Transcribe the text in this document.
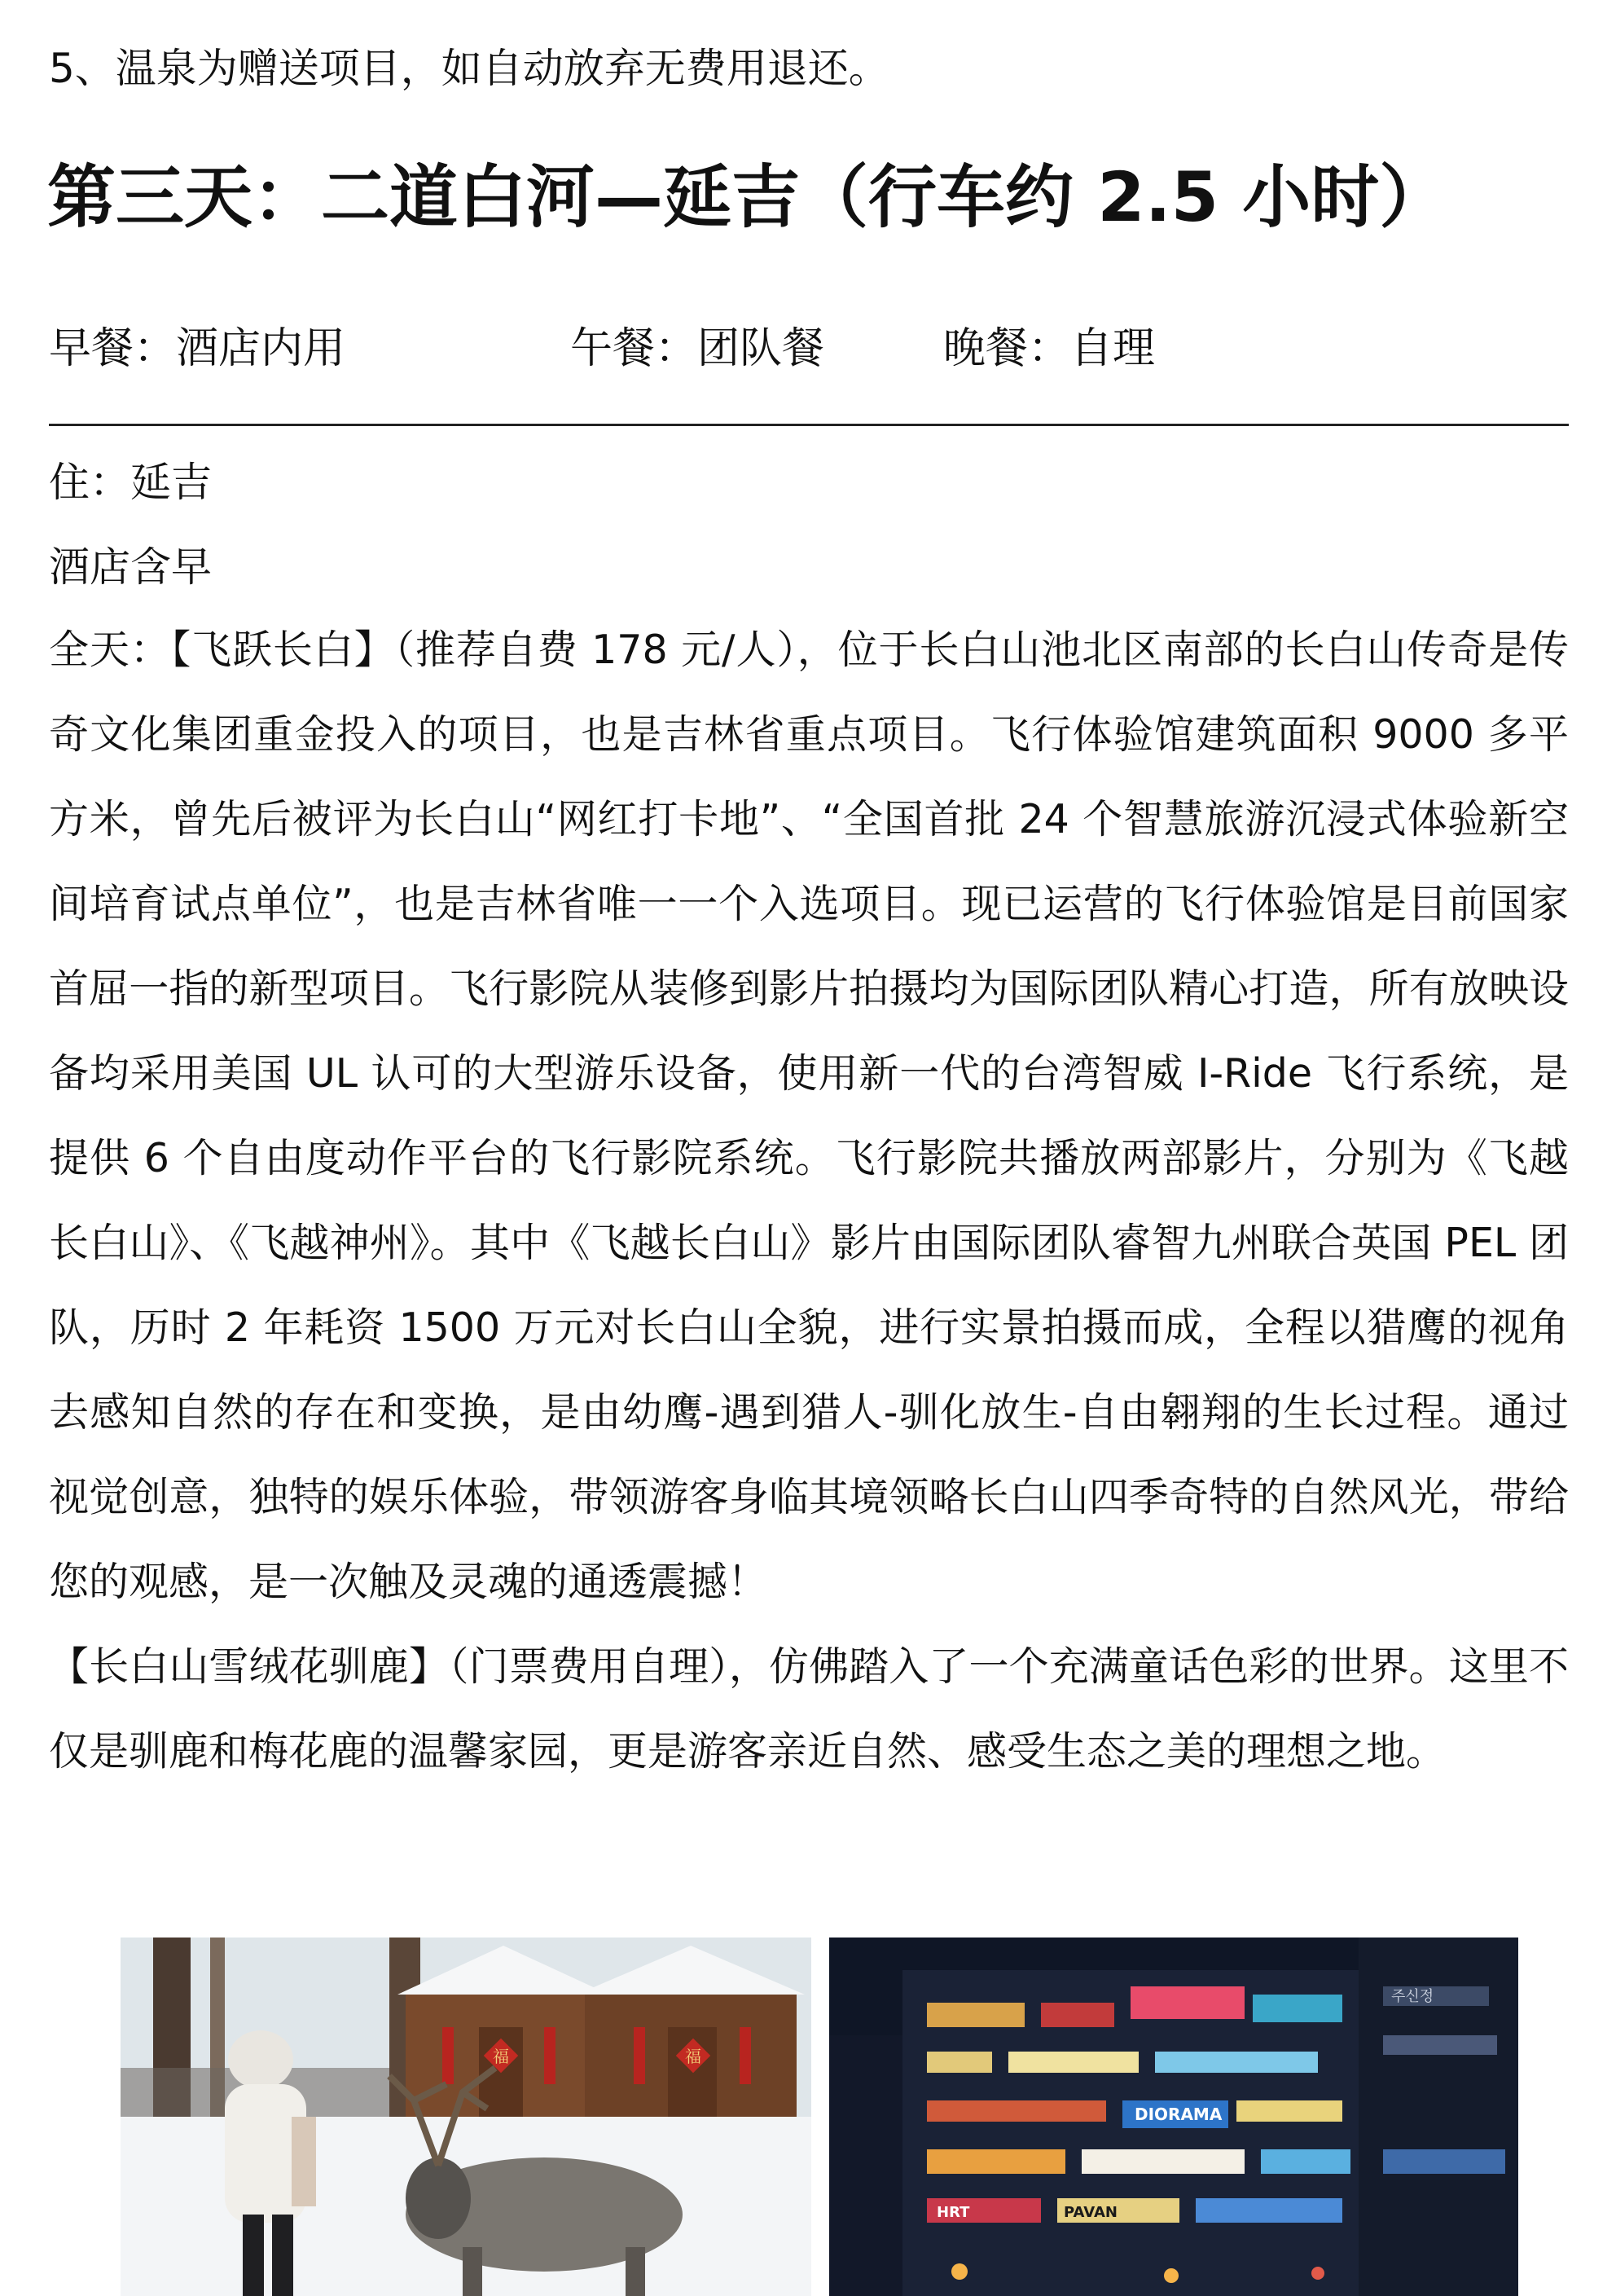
5、温泉为赠送项目，如自动放弃无费用退还。
第三天：二道白河—延吉（行车约 2.5 小时）
早餐：酒店内用	午餐：团队餐	晚餐：自理
住：延吉
酒店含早

全天：【飞跃长白】（推荐自费 178 元/人），位于长白山池北区南部的长白山传奇是传奇文化集团重金投入的项目，也是吉林省重点项目。飞行体验馆建筑面积 9000 多平方米，曾先后被评为长白山“网红打卡地”、“全国首批 24 个智慧旅游沉浸式体验新空间培育试点单位”，也是吉林省唯一一个入选项目。现已运营的飞行体验馆是目前国家首屈一指的新型项目。飞行影院从装修到影片拍摄均为国际团队精心打造，所有放映设备均采用美国 UL 认可的大型游乐设备，使用新一代的台湾智威 I-Ride 飞行系统，是提供 6 个自由度动作平台的飞行影院系统。飞行影院共播放两部影片，分别为《飞越长白山》、《飞越神州》。其中《飞越长白山》影片由国际团队睿智九州联合英国 PEL 团队，历时 2 年耗资 1500 万元对长白山全貌，进行实景拍摄而成，全程以猎鹰的视角去感知自然的存在和变换，是由幼鹰-遇到猎人-驯化放生-自由翱翔的生长过程。通过视觉创意，独特的娱乐体验，带领游客身临其境领略长白山四季奇特的自然风光，带给您的观感，是一次触及灵魂的通透震撼！

【长白山雪绒花驯鹿】（门票费用自理），仿佛踏入了一个充满童话色彩的世界。这里不仅是驯鹿和梅花鹿的温馨家园，更是游客亲近自然、感受生态之美的理想之地。

福	福
DIORAMA
PAVAN
HRT
주신정
